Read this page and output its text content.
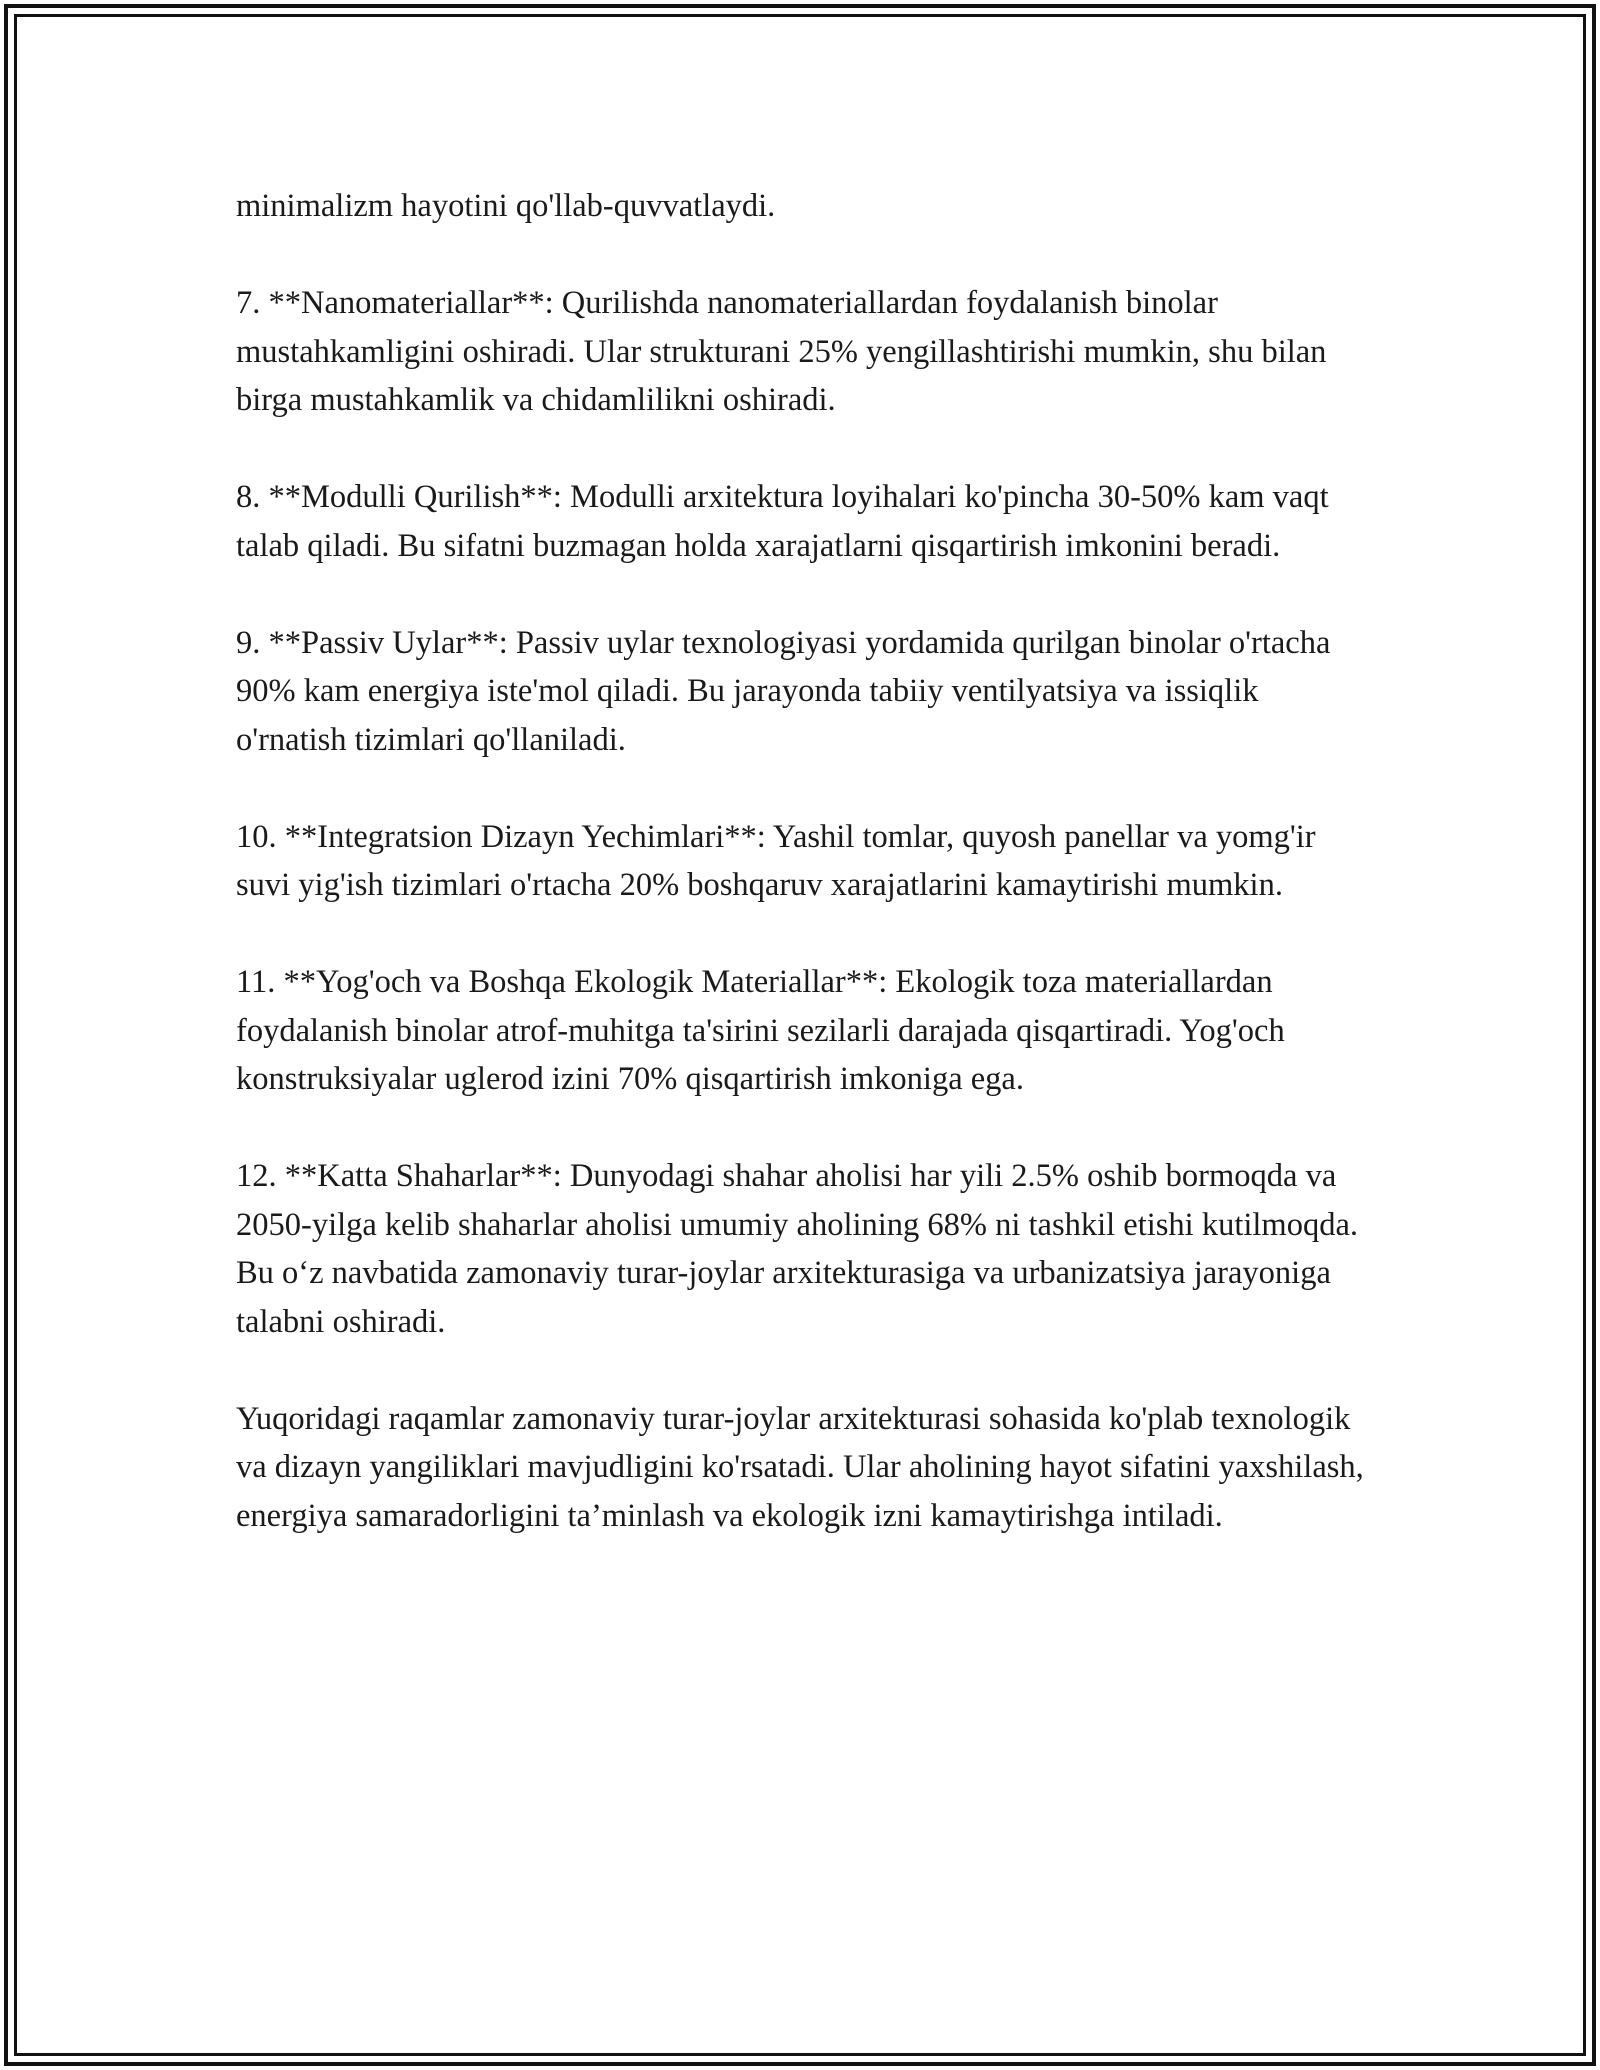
minimalizm hayotini qo'llab-quvvatlaydi.

7. **Nanomateriallar**: Qurilishda nanomateriallardan foydalanish binolar mustahkamligini oshiradi. Ular strukturani 25% yengillashtirishi mumkin, shu bilan birga mustahkamlik va chidamlilikni oshiradi.

8. **Modulli Qurilish**: Modulli arxitektura loyihalari ko'pincha 30-50% kam vaqt talab qiladi. Bu sifatni buzmagan holda xarajatlarni qisqartirish imkonini beradi.

9. **Passiv Uylar**: Passiv uylar texnologiyasi yordamida qurilgan binolar o'rtacha 90% kam energiya iste'mol qiladi. Bu jarayonda tabiiy ventilyatsiya va issiqlik o'rnatish tizimlari qo'llaniladi.

10. **Integratsion Dizayn Yechimlari**: Yashil tomlar, quyosh panellar va yomg'ir suvi yig'ish tizimlari o'rtacha 20% boshqaruv xarajatlarini kamaytirishi mumkin.

11. **Yog'och va Boshqa Ekologik Materiallar**: Ekologik toza materiallardan foydalanish binolar atrof-muhitga ta'sirini sezilarli darajada qisqartiradi. Yog'och konstruksiyalar uglerod izini 70% qisqartirish imkoniga ega.

12. **Katta Shaharlar**: Dunyodagi shahar aholisi har yili 2.5% oshib bormoqda va 2050-yilga kelib shaharlar aholisi umumiy aholining 68% ni tashkil etishi kutilmoqda. Bu o‘z navbatida zamonaviy turar-joylar arxitekturasiga va urbanizatsiya jarayoniga talabni oshiradi.

Yuqoridagi raqamlar zamonaviy turar-joylar arxitekturasi sohasida ko'plab texnologik va dizayn yangiliklari mavjudligini ko'rsatadi. Ular aholining hayot sifatini yaxshilash, energiya samaradorligini ta’minlash va ekologik izni kamaytirishga intiladi.
